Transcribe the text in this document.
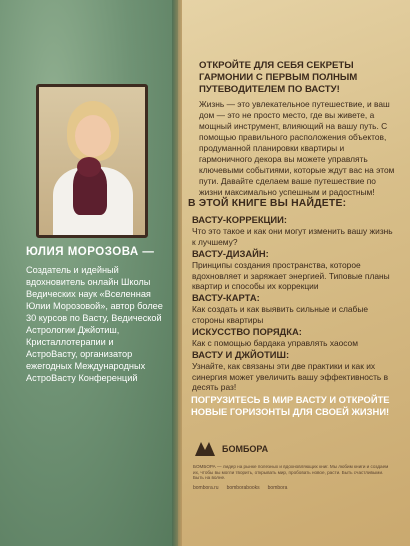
ЮЛИЯ МОРОЗОВА —

Создатель и идейный вдохновитель онлайн Школы Ведических наук «Вселенная Юлии Морозовой», автор более 30 курсов по Васту, Ведической Астрологии Джйотиш, Кристаллотерапии и АстроВасту, организатор ежегодных Международных АстроВасту Конференций

ОТКРОЙТЕ ДЛЯ СЕБЯ СЕКРЕТЫ ГАРМОНИИ С ПЕРВЫМ ПОЛНЫМ ПУТЕВОДИТЕЛЕМ ПО ВАСТУ!

Жизнь — это увлекательное путешествие, и ваш дом — это не просто место, где вы живете, а мощный инструмент, влияющий на вашу путь. С помощью правильного расположения объектов, продуманной планировки квартиры и гармоничного декора вы можете управлять ключевыми событиями, которые ждут вас на этом пути. Давайте сделаем ваше путешествие по жизни максимально успешным и радостным!

В ЭТОЙ КНИГЕ ВЫ НАЙДЕТЕ:
ВАСТУ-КОРРЕКЦИИ:

Что это такое и как они могут изменить вашу жизнь к лучшему?

ВАСТУ-ДИЗАЙН:

Принципы создания пространства, которое вдохновляет и заряжает энергией. Типовые планы квартир и способы их коррекции

ВАСТУ-КАРТА:

Как создать и как выявить сильные и слабые стороны квартиры

ИСКУССТВО ПОРЯДКА:

Как с помощью бардака управлять хаосом

ВАСТУ И ДЖЙОТИШ:

Узнайте, как связаны эти две практики и как их синергия может увеличить вашу эффективность в десять раз!

ПОГРУЗИТЕСЬ В МИР ВАСТУ И ОТКРОЙТЕ НОВЫЕ ГОРИЗОНТЫ ДЛЯ СВОЕЙ ЖИЗНИ!

БОМБОРА

БОМБОРА — лидер на рынке полезных и вдохновляющих книг. Мы любим книги и создаем их, чтобы вы могли творить, открывать мир, пробовать новое, расти. Быть счастливыми. Быть на волне.

bombora.ru bomborabooks bombora
